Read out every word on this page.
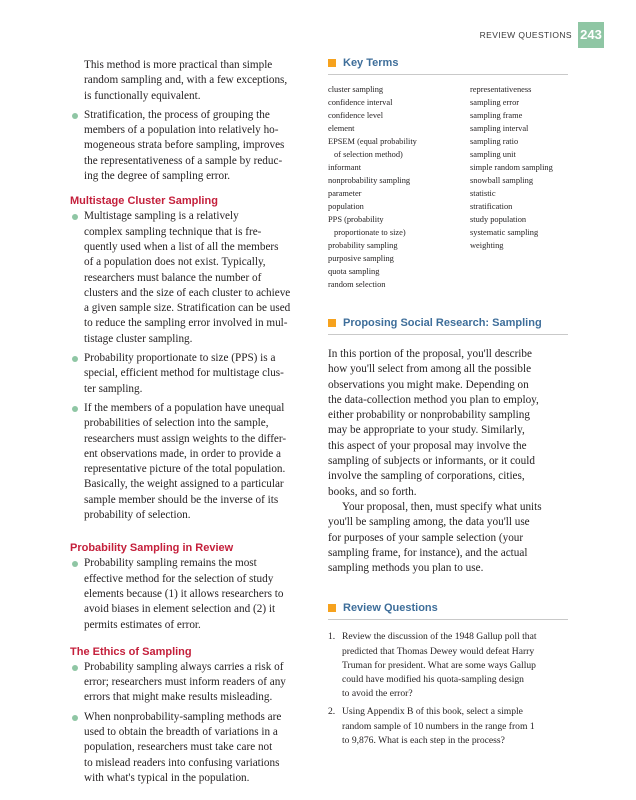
REVIEW QUESTIONS 243
This method is more practical than simple
random sampling and, with a few exceptions,
is functionally equivalent.
Stratification, the process of grouping the
members of a population into relatively ho-
mogeneous strata before sampling, improves
the representativeness of a sample by reduc-
ing the degree of sampling error.
Multistage Cluster Sampling
Multistage sampling is a relatively
complex sampling technique that is fre-
quently used when a list of all the members
of a population does not exist. Typically,
researchers must balance the number of
clusters and the size of each cluster to achieve
a given sample size. Stratification can be used
to reduce the sampling error involved in mul-
tistage cluster sampling.
Probability proportionate to size (PPS) is a
special, efficient method for multistage clus-
ter sampling.
If the members of a population have unequal
probabilities of selection into the sample,
researchers must assign weights to the differ-
ent observations made, in order to provide a
representative picture of the total population.
Basically, the weight assigned to a particular
sample member should be the inverse of its
probability of selection.
Probability Sampling in Review
Probability sampling remains the most
effective method for the selection of study
elements because (1) it allows researchers to
avoid biases in element selection and (2) it
permits estimates of error.
The Ethics of Sampling
Probability sampling always carries a risk of
error; researchers must inform readers of any
errors that might make results misleading.
When nonprobability-sampling methods are
used to obtain the breadth of variations in a
population, researchers must take care not
to mislead readers into confusing variations
with what's typical in the population.
Key Terms
cluster sampling
confidence interval
confidence level
element
EPSEM (equal probability
of selection method)
informant
nonprobability sampling
parameter
population
PPS (probability
proportionate to size)
probability sampling
purposive sampling
quota sampling
random selection
representativeness
sampling error
sampling frame
sampling interval
sampling ratio
sampling unit
simple random sampling
snowball sampling
statistic
stratification
study population
systematic sampling
weighting
Proposing Social Research: Sampling
In this portion of the proposal, you'll describe
how you'll select from among all the possible
observations you might make. Depending on
the data-collection method you plan to employ,
either probability or nonprobability sampling
may be appropriate to your study. Similarly,
this aspect of your proposal may involve the
sampling of subjects or informants, or it could
involve the sampling of corporations, cities,
books, and so forth.
Your proposal, then, must specify what units
you'll be sampling among, the data you'll use
for purposes of your sample selection (your
sampling frame, for instance), and the actual
sampling methods you plan to use.
Review Questions
1. Review the discussion of the 1948 Gallup poll that
predicted that Thomas Dewey would defeat Harry
Truman for president. What are some ways Gallup
could have modified his quota-sampling design
to avoid the error?
2. Using Appendix B of this book, select a simple
random sample of 10 numbers in the range from 1
to 9,876. What is each step in the process?
